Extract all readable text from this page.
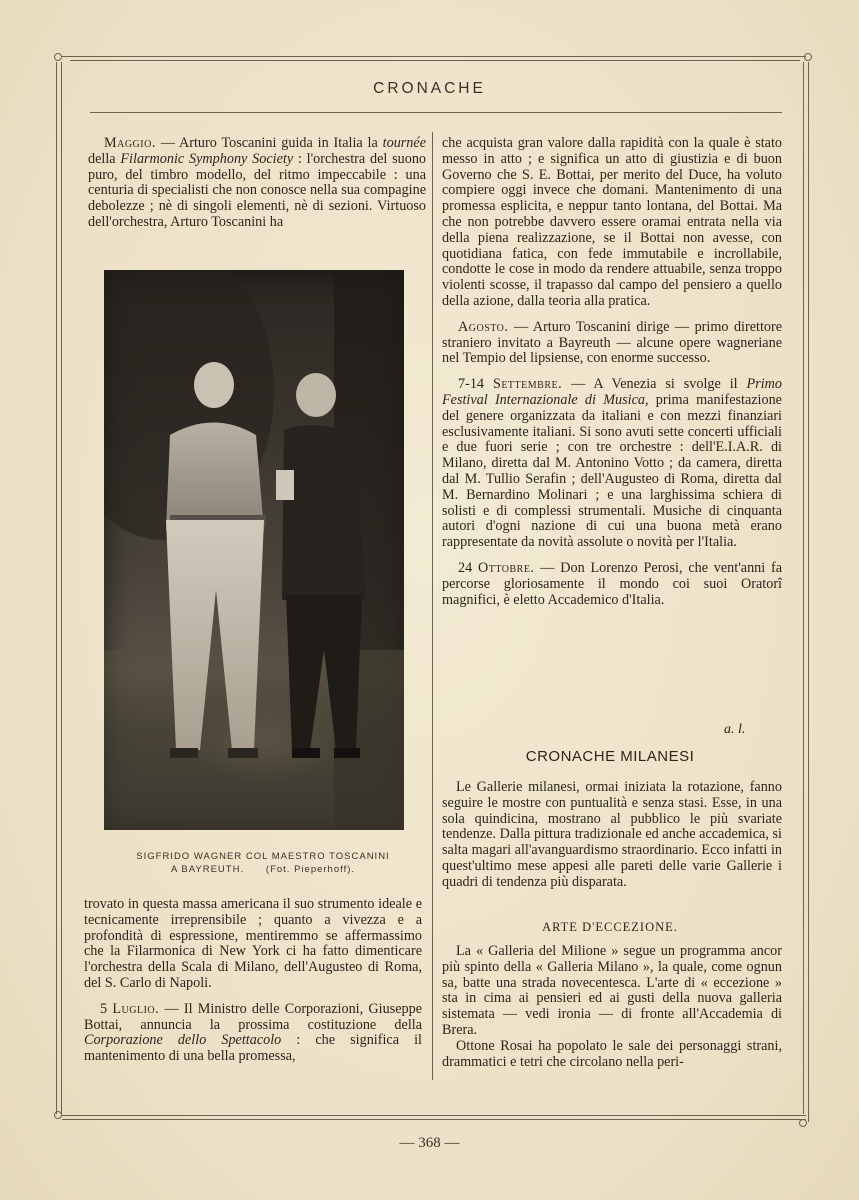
CRONACHE

Maggio. — Arturo Toscanini guida in Italia la tournée della Filarmonic Symphony Society : l'orchestra del suono puro, del timbro modello, del ritmo impeccabile : una centuria di specialisti che non conosce nella sua compagine debolezze ; nè di singoli elementi, nè di sezioni. Virtuoso dell'orchestra, Arturo Toscanini ha

SIGFRIDO WAGNER COL MAESTRO TOSCANINI
A BAYREUTH.      (Fot. Pieperhoff).

trovato in questa massa americana il suo strumento ideale e tecnicamente irreprensibile ; quanto a vivezza e a profondità di espressione, mentiremmo se affermassimo che la Filarmonica di New York ci ha fatto dimenticare l'orchestra della Scala di Milano, dell'Augusteo di Roma, del S. Carlo di Napoli.

5 Luglio. — Il Ministro delle Corporazioni, Giuseppe Bottai, annuncia la prossima costituzione della Corporazione dello Spettacolo : che significa il mantenimento di una bella promessa,

che acquista gran valore dalla rapidità con la quale è stato messo in atto ; e significa un atto di giustizia e di buon Governo che S. E. Bottai, per merito del Duce, ha voluto compiere oggi invece che domani. Mantenimento di una promessa esplicita, e neppur tanto lontana, del Bottai. Ma che non potrebbe davvero essere oramai entrata nella via della piena realizzazione, se il Bottai non avesse, con quotidiana fatica, con fede immutabile e incrollabile, condotte le cose in modo da rendere attuabile, senza troppo violenti scosse, il trapasso dal campo del pensiero a quello della azione, dalla teoria alla pratica.

Agosto. — Arturo Toscanini dirige — primo direttore straniero invitato a Bayreuth — alcune opere wagneriane nel Tempio del lipsiense, con enorme successo.

7-14 Settembre. — A Venezia si svolge il Primo Festival Internazionale di Musica, prima manifestazione del genere organizzata da italiani e con mezzi finanziari esclusivamente italiani. Si sono avuti sette concerti ufficiali e due fuori serie ; con tre orchestre : dell'E.I.A.R. di Milano, diretta dal M. Antonino Votto ; da camera, diretta dal M. Tullio Serafin ; dell'Augusteo di Roma, diretta dal M. Bernardino Molinari ; e una larghissima schiera di solisti e di complessi strumentali. Musiche di cinquanta autori d'ogni nazione di cui una buona metà erano rappresentate da novità assolute o novità per l'Italia.

24 Ottobre. — Don Lorenzo Perosi, che vent'anni fa percorse gloriosamente il mondo coi suoi Oratorî magnifici, è eletto Accademico d'Italia.

a. l.
CRONACHE MILANESI

Le Gallerie milanesi, ormai iniziata la rotazione, fanno seguire le mostre con puntualità e senza stasi. Esse, in una sola quindicina, mostrano al pubblico le più svariate tendenze. Dalla pittura tradizionale ed anche accademica, si salta magari all'avanguardismo straordinario. Ecco infatti in quest'ultimo mese appesi alle pareti delle varie Gallerie i quadri di tendenza più disparata.

ARTE D'ECCEZIONE.

La « Galleria del Milione » segue un programma ancor più spinto della « Galleria Milano », la quale, come ognun sa, batte una strada novecentesca. L'arte di « eccezione » sta in cima ai pensieri ed ai gusti della nuova galleria sistemata — vedi ironia — di fronte all'Accademia di Brera.

Ottone Rosai ha popolato le sale dei personaggi strani, drammatici e tetri che circolano nella peri-

— 368 —
